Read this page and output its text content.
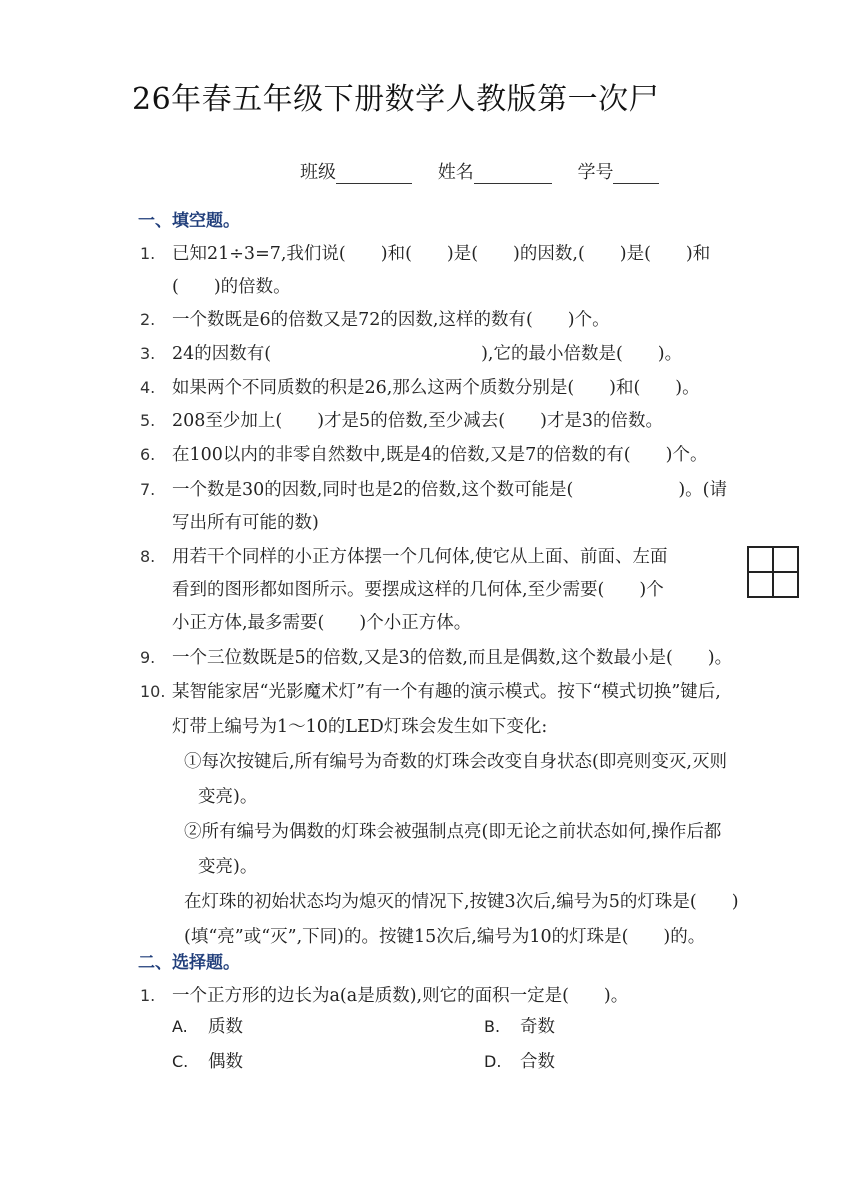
26年春五年级下册数学人教版第一次尸
班级	姓名	学号
一、填空题。
1. 已知21÷3=7,我们说(　　)和(　　)是(　　)的因数,(　　)是(　　)和
(　　)的倍数。
2. 一个数既是6的倍数又是72的因数,这样的数有(　　)个。
3. 24的因数有(　　　　　　　　　　　　),它的最小倍数是(　　)。
4. 如果两个不同质数的积是26,那么这两个质数分别是(　　)和(　　)。
5. 208至少加上(　　)才是5的倍数,至少减去(　　)才是3的倍数。
6. 在100以内的非零自然数中,既是4的倍数,又是7的倍数的有(　　)个。
7. 一个数是30的因数,同时也是2的倍数,这个数可能是(　　　　　　)。(请
写出所有可能的数)
8. 用若干个同样的小正方体摆一个几何体,使它从上面、前面、左面
看到的图形都如图所示。要摆成这样的几何体,至少需要(　　)个
小正方体,最多需要(　　)个小正方体。
9. 一个三位数既是5的倍数,又是3的倍数,而且是偶数,这个数最小是(　　)。
10. 某智能家居“光影魔术灯”有一个有趣的演示模式。按下“模式切换”键后,
灯带上编号为1～10的LED灯珠会发生如下变化:
①每次按键后,所有编号为奇数的灯珠会改变自身状态(即亮则变灭,灭则
变亮)。
②所有编号为偶数的灯珠会被强制点亮(即无论之前状态如何,操作后都
变亮)。
在灯珠的初始状态均为熄灭的情况下,按键3次后,编号为5的灯珠是(　　)
(填“亮”或“灭”,下同)的。按键15次后,编号为10的灯珠是(　　)的。
二、选择题。
1. 一个正方形的边长为a(a是质数),则它的面积一定是(　　)。
A. 质数	B. 奇数
C. 偶数	D. 合数
